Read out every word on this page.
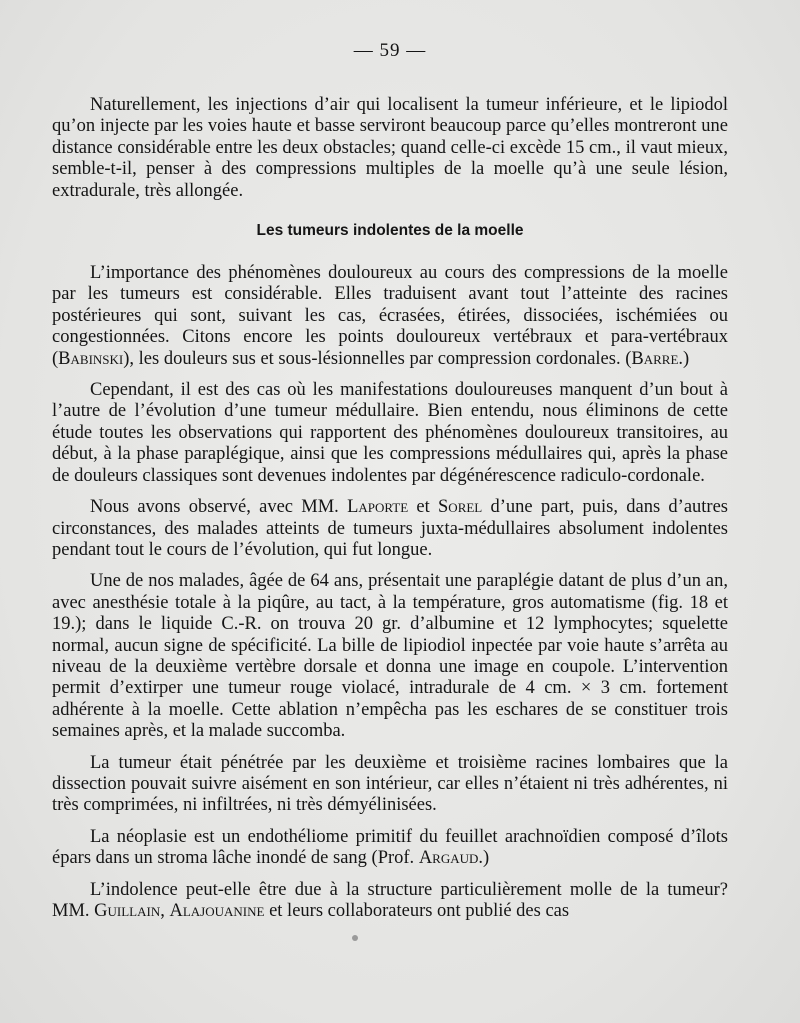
— 59 —

Naturellement, les injections d’air qui localisent la tumeur inférieure, et le lipiodol qu’on injecte par les voies haute et basse serviront beaucoup parce qu’elles montreront une distance considérable entre les deux obstacles; quand celle-ci excède 15 cm., il vaut mieux, semble-t-il, penser à des compressions multiples de la moelle qu’à une seule lésion, extradurale, très allongée.

Les tumeurs indolentes de la moelle

L’importance des phénomènes douloureux au cours des compressions de la moelle par les tumeurs est considérable. Elles traduisent avant tout l’atteinte des racines postérieures qui sont, suivant les cas, écrasées, étirées, dissociées, ischémiées ou congestionnées. Citons encore les points douloureux vertébraux et para-vertébraux (Babinski), les douleurs sus et sous-lésionnelles par compression cordonales. (Barre.)

Cependant, il est des cas où les manifestations douloureuses manquent d’un bout à l’autre de l’évolution d’une tumeur médullaire. Bien entendu, nous éliminons de cette étude toutes les observations qui rapportent des phénomènes douloureux transitoires, au début, à la phase paraplégique, ainsi que les compressions médullaires qui, après la phase de douleurs classiques sont devenues indolentes par dégénérescence radiculo-cordonale.

Nous avons observé, avec MM. Laporte et Sorel d’une part, puis, dans d’autres circonstances, des malades atteints de tumeurs juxta-médullaires absolument indolentes pendant tout le cours de l’évolution, qui fut longue.

Une de nos malades, âgée de 64 ans, présentait une paraplégie datant de plus d’un an, avec anesthésie totale à la piqûre, au tact, à la température, gros automatisme (fig. 18 et 19.); dans le liquide C.-R. on trouva 20 gr. d’albumine et 12 lymphocytes; squelette normal, aucun signe de spécificité. La bille de lipiodiol inpectée par voie haute s’arrêta au niveau de la deuxième vertèbre dorsale et donna une image en coupole. L’intervention permit d’extirper une tumeur rouge violacé, intradurale de 4 cm. × 3 cm. fortement adhérente à la moelle. Cette ablation n’empêcha pas les eschares de se constituer trois semaines après, et la malade succomba.

La tumeur était pénétrée par les deuxième et troisième racines lombaires que la dissection pouvait suivre aisément en son intérieur, car elles n’étaient ni très adhérentes, ni très comprimées, ni infiltrées, ni très démyélinisées.

La néoplasie est un endothéliome primitif du feuillet arachnoïdien composé d’îlots épars dans un stroma lâche inondé de sang (Prof. Argaud.)

L’indolence peut-elle être due à la structure particulièrement molle de la tumeur? MM. Guillain, Alajouanine et leurs collaborateurs ont publié des cas
